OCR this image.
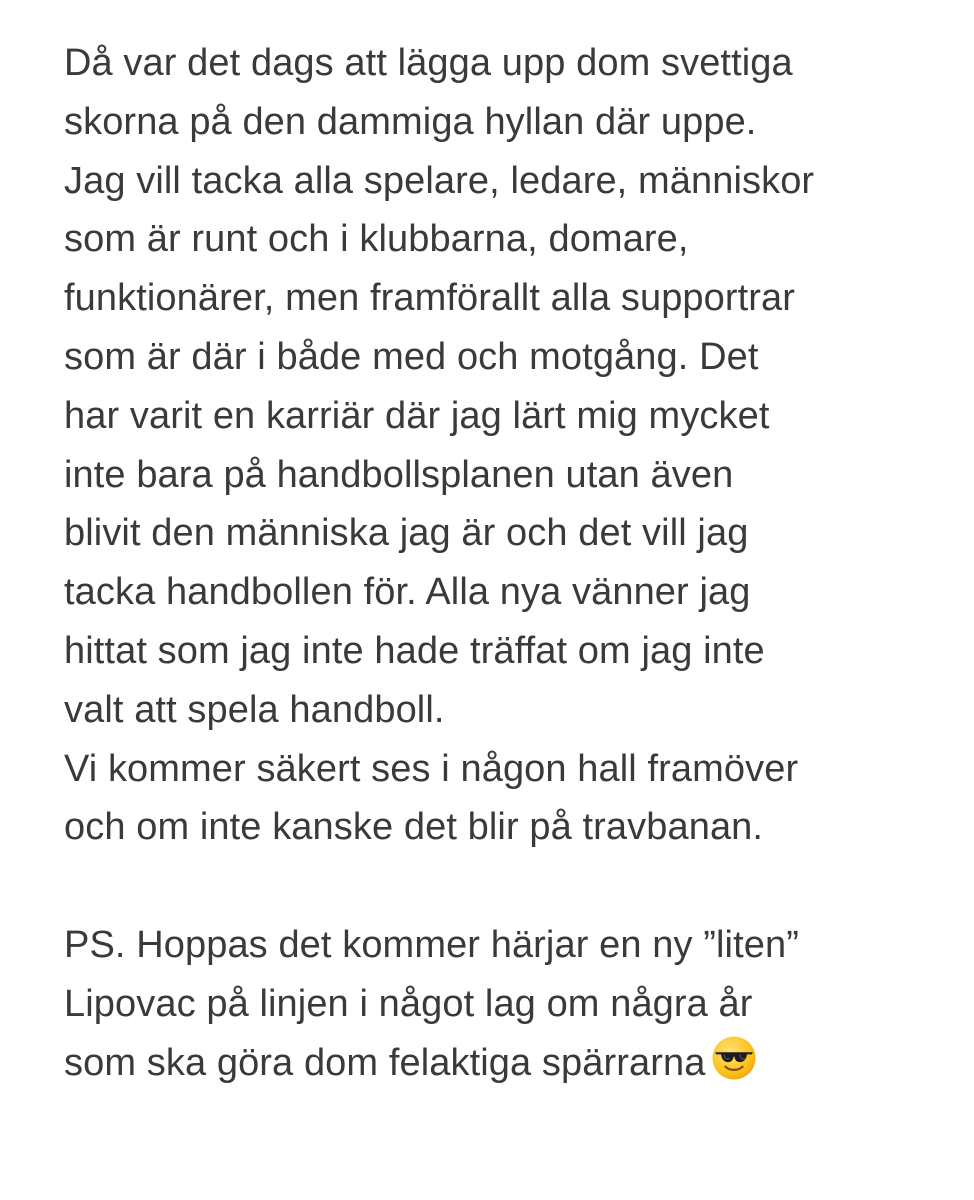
Då var det dags att lägga upp dom svettiga
skorna på den dammiga hyllan där uppe.
Jag vill tacka alla spelare, ledare, människor
som är runt och i klubbarna, domare,
funktionärer, men framförallt alla supportrar
som är där i både med och motgång. Det
har varit en karriär där jag lärt mig mycket
inte bara på handbollsplanen utan även
blivit den människa jag är och det vill jag
tacka handbollen för. Alla nya vänner jag
hittat som jag inte hade träffat om jag inte
valt att spela handboll.
Vi kommer säkert ses i någon hall framöver
och om inte kanske det blir på travbanan.
PS. Hoppas det kommer härjar en ny ”liten”
Lipovac på linjen i något lag om några år
som ska göra dom felaktiga spärrarna
